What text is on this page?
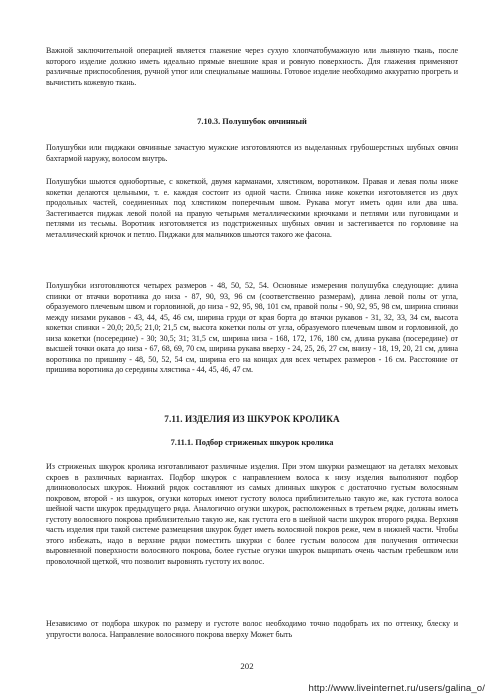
Важной заключительной операцией является глажение через сухую хлопчатобумажную или льняную ткань, после которого изделие должно иметь идеально прямые внешние края и ровную поверхность. Для глажения применяют различные приспособления, ручной утюг или специальные машины. Готовое изделие необходимо аккуратно прогреть и вычистить кожевую ткань.

7.10.3. Полушубок овчинный

Полушубки или пиджаки овчинные зачастую мужские изготовляются из выделанных грубошерстных шубных овчин бахтармой наружу, волосом внутрь.

Полушубки шьются однобортные, с кокеткой, двумя карманами, хлястиком, воротником. Правая и левая полы ниже кокетки делаются цельными, т. е. каждая состоит из одной части. Спинка ниже кокетки изготовляется из двух продольных частей, соединенных под хлястиком поперечным швом. Рукава могут иметь один или два шва. Застегивается пиджак левой полой на правую четырьмя металлическими крючками и петлями или пуговицами и петлями из тесьмы. Воротник изготовляется из подстриженных шубных овчин и застегивается по горловине на металлический крючок и петлю. Пиджаки для мальчиков шьются такого же фасона.

Полушубки изготовляются четырех размеров - 48, 50, 52, 54. Основные измерения полушубка следующие: длина спинки от втачки воротника до низа - 87, 90, 93, 96 см (соответственно размерам), длина левой полы от угла, образуемого плечевым швом и горловиной, до низа - 92, 95, 98, 101 см, правой полы - 90, 92, 95, 98 см, ширина спинки между низами рукавов - 43, 44, 45, 46 см, ширина груди от края борта до втачки рукавов - 31, 32, 33, 34 см, высота кокетки спинки - 20,0; 20,5; 21,0; 21,5 см, высота кокетки полы от угла, образуемого плечевым швом и горловиной, до низа кокетки (посередине) - 30; 30,5; 31; 31,5 см, ширина низа - 168, 172, 176, 180 см, длина рукава (посередине) от высшей точки оката до низа - 67, 68, 69, 70 см, ширина рукава вверху - 24, 25, 26, 27 см, внизу - 18, 19, 20, 21 см, длина воротника по пришиву - 48, 50, 52, 54 см, ширина его на концах для всех четырех размеров - 16 см. Расстояние от пришива воротника до середины хлястика - 44, 45, 46, 47 см.

7.11. ИЗДЕЛИЯ ИЗ ШКУРОК КРОЛИКА

7.11.1. Подбор стриженых шкурок кролика

Из стриженых шкурок кролика изготавливают различные изделия. При этом шкурки размещают на деталях меховых скроев в различных вариантах. Подбор шкурок с направлением волоса к низу изделия выполняют подбор длинноволосых шкурок. Нижний рядок составляют из самых длинных шкурок с достаточно густым волосяным покровом, второй - из шкурок, огузки которых имеют густоту волоса приблизительно такую же, как густота волоса шейной части шкурок предыдущего ряда. Аналогично огузки шкурок, расположенных в третьем рядке, должны иметь густоту волосяного покрова приблизительно такую же, как густота его в шейной части шкурок второго рядка. Верхняя часть изделия при такой системе размещения шкурок будет иметь волосяной покров реже, чем в нижней части. Чтобы этого избежать, надо в верхние рядки поместить шкурки с более густым волосом для получения оптически выровненной поверхности волосяного покрова, более густые огузки шкурок выщипать очень частым гребешком или проволочной щеткой, что позволит выровнять густоту их волос.

Независимо от подбора шкурок по размеру и густоте волос необходимо точно подобрать их по оттенку, блеску и упругости волоса. Направление волосяного покрова вверху Может быть

202
http://www.liveinternet.ru/users/galina_o/
